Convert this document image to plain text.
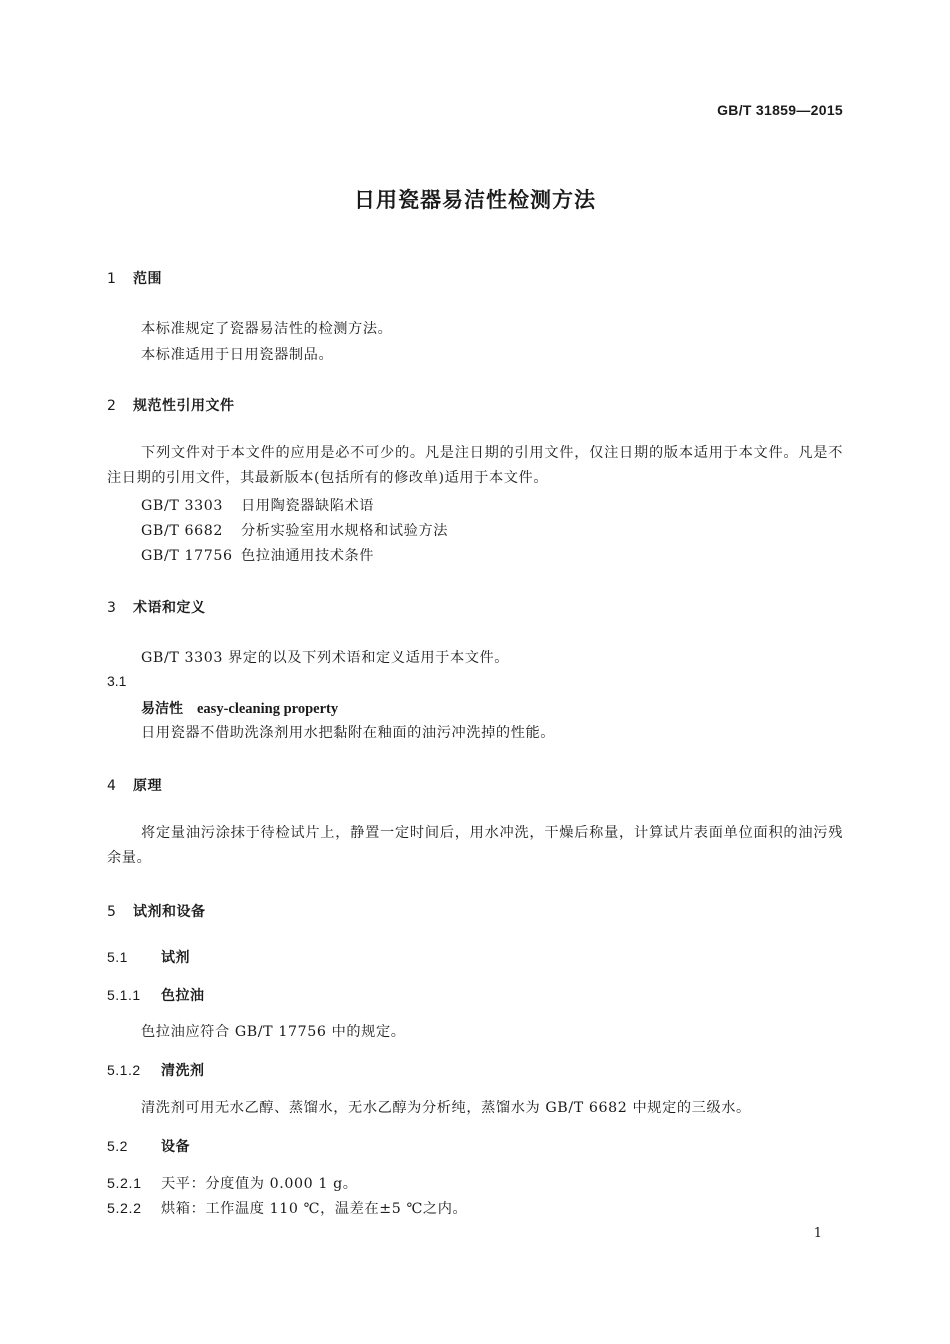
GB/T 31859—2015
日用瓷器易洁性检测方法
1 范围
本标准规定了瓷器易洁性的检测方法。
本标准适用于日用瓷器制品。
2 规范性引用文件
下列文件对于本文件的应用是必不可少的。凡是注日期的引用文件，仅注日期的版本适用于本文件。凡是不注日期的引用文件，其最新版本(包括所有的修改单)适用于本文件。
GB/T 3303 日用陶瓷器缺陷术语
GB/T 6682 分析实验室用水规格和试验方法
GB/T 17756 色拉油通用技术条件
3 术语和定义
GB/T 3303 界定的以及下列术语和定义适用于本文件。
3.1
易洁性 easy-cleaning property
日用瓷器不借助洗涤剂用水把黏附在釉面的油污冲洗掉的性能。
4 原理
将定量油污涂抹于待检试片上，静置一定时间后，用水冲洗，干燥后称量，计算试片表面单位面积的油污残余量。
5 试剂和设备
5.1 试剂
5.1.1 色拉油
色拉油应符合 GB/T 17756 中的规定。
5.1.2 清洗剂
清洗剂可用无水乙醇、蒸馏水，无水乙醇为分析纯，蒸馏水为 GB/T 6682 中规定的三级水。
5.2 设备
5.2.1 天平：分度值为 0.000 1 g。
5.2.2 烘箱：工作温度 110 ℃，温差在±5 ℃之内。
1
